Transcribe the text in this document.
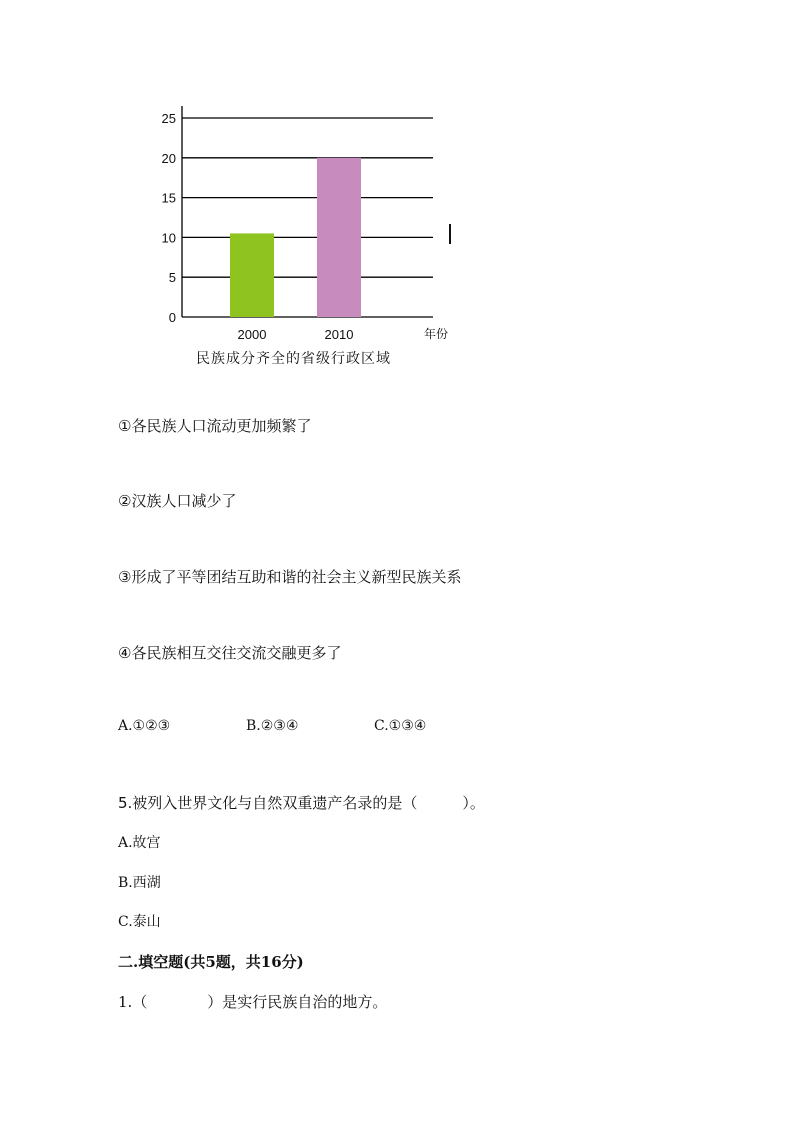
0
5
10
15
20
25
2000	2010	年份
民族成分齐全的省级行政区域
①各民族人口流动更加频繁了
②汉族人口减少了
③形成了平等团结互助和谐的社会主义新型民族关系
④各民族相互交往交流交融更多了
A.①②③	B.②③④	C.①③④
5.被列入世界文化与自然双重遗产名录的是（　　　）。
A.故宫
B.西湖
C.泰山
二.填空题(共5题，共16分)
1.（　　　　）是实行民族自治的地方。
